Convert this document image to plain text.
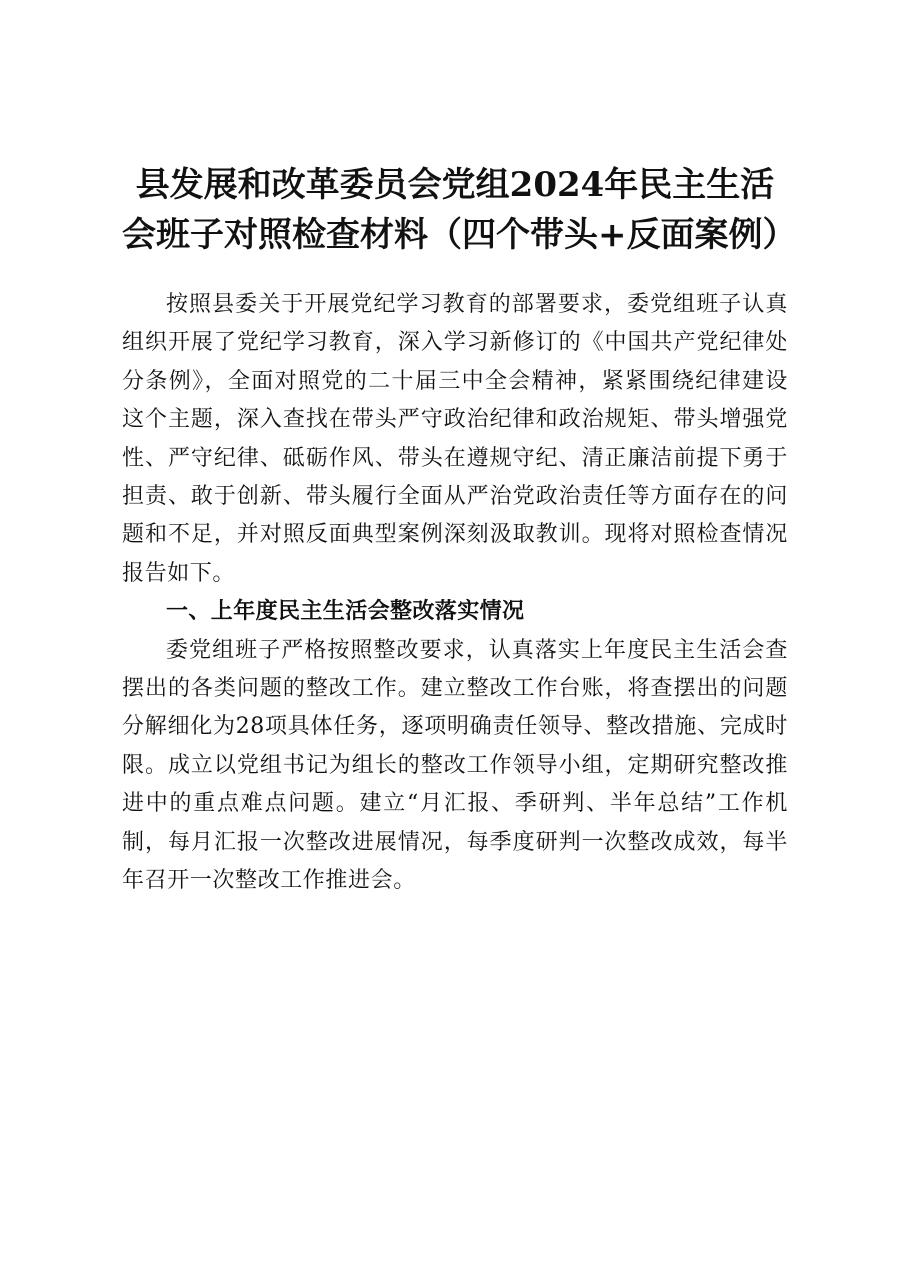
县发展和改革委员会党组2024年民主生活会班子对照检查材料（四个带头+反面案例）

按照县委关于开展党纪学习教育的部署要求，委党组班子认真组织开展了党纪学习教育，深入学习新修订的《中国共产党纪律处分条例》，全面对照党的二十届三中全会精神，紧紧围绕纪律建设这个主题，深入查找在带头严守政治纪律和政治规矩、带头增强党性、严守纪律、砥砺作风、带头在遵规守纪、清正廉洁前提下勇于担责、敢于创新、带头履行全面从严治党政治责任等方面存在的问题和不足，并对照反面典型案例深刻汲取教训。现将对照检查情况报告如下。

一、上年度民主生活会整改落实情况

委党组班子严格按照整改要求，认真落实上年度民主生活会查摆出的各类问题的整改工作。建立整改工作台账，将查摆出的问题分解细化为28项具体任务，逐项明确责任领导、整改措施、完成时限。成立以党组书记为组长的整改工作领导小组，定期研究整改推进中的重点难点问题。建立“月汇报、季研判、半年总结”工作机制，每月汇报一次整改进展情况，每季度研判一次整改成效，每半年召开一次整改工作推进会。
